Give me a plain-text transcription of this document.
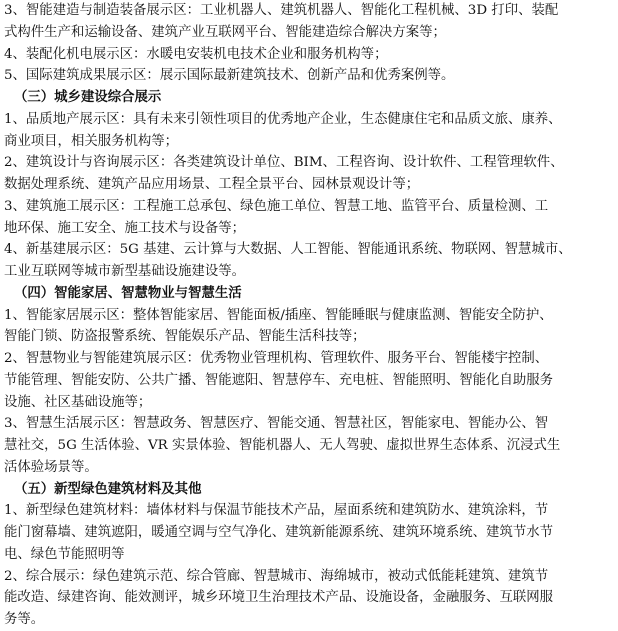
3、智能建造与制造装备展示区：工业机器人、建筑机器人、智能化工程机械、3D 打印、装配
式构件生产和运输设备、建筑产业互联网平台、智能建造综合解决方案等；
4、装配化机电展示区：水暖电安装机电技术企业和服务机构等；
5、国际建筑成果展示区：展示国际最新建筑技术、创新产品和优秀案例等。
（三）城乡建设综合展示
1、品质地产展示区：具有未来引领性项目的优秀地产企业，生态健康住宅和品质文旅、康养、
商业项目，相关服务机构等；
2、建筑设计与咨询展示区：各类建筑设计单位、BIM、工程咨询、设计软件、工程管理软件、
数据处理系统、建筑产品应用场景、工程全景平台、园林景观设计等；
3、建筑施工展示区：工程施工总承包、绿色施工单位、智慧工地、监管平台、质量检测、工
地环保、施工安全、施工技术与设备等；
4、新基建展示区：5G 基建、云计算与大数据、人工智能、智能通讯系统、物联网、智慧城市、
工业互联网等城市新型基础设施建设等。
（四）智能家居、智慧物业与智慧生活
1、智能家居展示区：整体智能家居、智能面板/插座、智能睡眠与健康监测、智能安全防护、
智能门锁、防盗报警系统、智能娱乐产品、智能生活科技等；
2、智慧物业与智能建筑展示区：优秀物业管理机构、管理软件、服务平台、智能楼宇控制、
节能管理、智能安防、公共广播、智能遮阳、智慧停车、充电桩、智能照明、智能化自助服务
设施、社区基础设施等；
3、智慧生活展示区：智慧政务、智慧医疗、智能交通、智慧社区，智能家电、智能办公、智
慧社交，5G 生活体验、VR 实景体验、智能机器人、无人驾驶、虚拟世界生态体系、沉浸式生
活体验场景等。
（五）新型绿色建筑材料及其他
1、新型绿色建筑材料：墙体材料与保温节能技术产品，屋面系统和建筑防水、建筑涂料，节
能门窗幕墙、建筑遮阳，暖通空调与空气净化、建筑新能源系统、建筑环境系统、建筑节水节
电、绿色节能照明等
2、综合展示：绿色建筑示范、综合管廊、智慧城市、海绵城市，被动式低能耗建筑、建筑节
能改造、绿建咨询、能效测评，城乡环境卫生治理技术产品、设施设备，金融服务、互联网服
务等。
